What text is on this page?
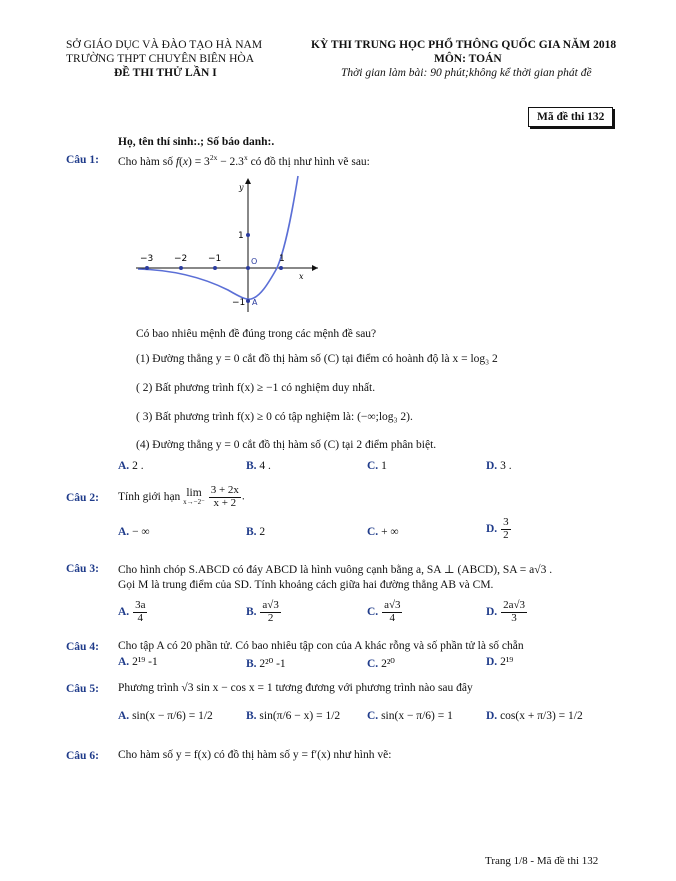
SỞ GIÁO DỤC VÀ ĐÀO TẠO HÀ NAM
TRƯỜNG THPT CHUYÊN BIÊN HÒA
ĐỀ THI THỬ LẦN I
KỲ THI TRUNG HỌC PHỔ THÔNG QUỐC GIA NĂM 2018
MÔN: TOÁN
Thời gian làm bài: 90 phút;không kể thời gian phát đề
Mã đề thi 132
Họ, tên thí sinh:.; Số báo danh:.
Câu 1: Cho hàm số $f(x) = 3^{2x} - 2.3^x$ có đồ thị như hình vẽ sau:
−3 −2 −1	1
1
−1
O
A
x
y
Có bao nhiêu mệnh đề đúng trong các mệnh đề sau?
(1) Đường thẳng y = 0 cắt đồ thị hàm số (C) tại điểm có hoành độ là x = log₃ 2
( 2) Bất phương trình f(x) ≥ −1 có nghiệm duy nhất.
( 3) Bất phương trình f(x) ≥ 0 có tập nghiệm là: (−∞;log₃ 2).
(4) Đường thẳng y = 0 cắt đồ thị hàm số (C) tại 2 điểm phân biệt.
A. 2 .	B. 4 .	C. 1	D. 3 .
Câu 2: Tính giới hạn lim
x→−2⁻
$\frac{3 + 2x}{x + 2}$ .
A. − ∞	B. 2	C. + ∞	D. $\frac{3}{2}$
Câu 3: Cho hình chóp S.ABCD có đáy ABCD là hình vuông cạnh bằng a, SA ⊥ (ABCD), SA = a√3 .
Gọi M là trung điểm của SD. Tính khoảng cách giữa hai đường thẳng AB và CM.
A. $\frac{3a}{4}$	B. $\frac{a√3}{2}$	C. $\frac{a√3}{4}$	D. $\frac{2a√3}{3}$
Câu 4: Cho tập A có 20 phần tử. Có bao nhiêu tập con của A khác rỗng và số phần tử là số chẵn
A. 2¹⁹ -1	B. 2²⁰ -1	C. 2²⁰	D. 2¹⁹
Câu 5: Phương trình √3 sin x − cos x = 1 tương đương với phương trình nào sau đây
A. sin(x − π/6) = 1/2	B. sin(π/6 − x) = 1/2 C. sin(x − π/6) = 1	D. cos(x + π/3) = 1/2
Câu 6: Cho hàm số y = f(x) có đồ thị hàm số y = f′(x) như hình vẽ:
Trang 1/8 - Mã đề thi 132
